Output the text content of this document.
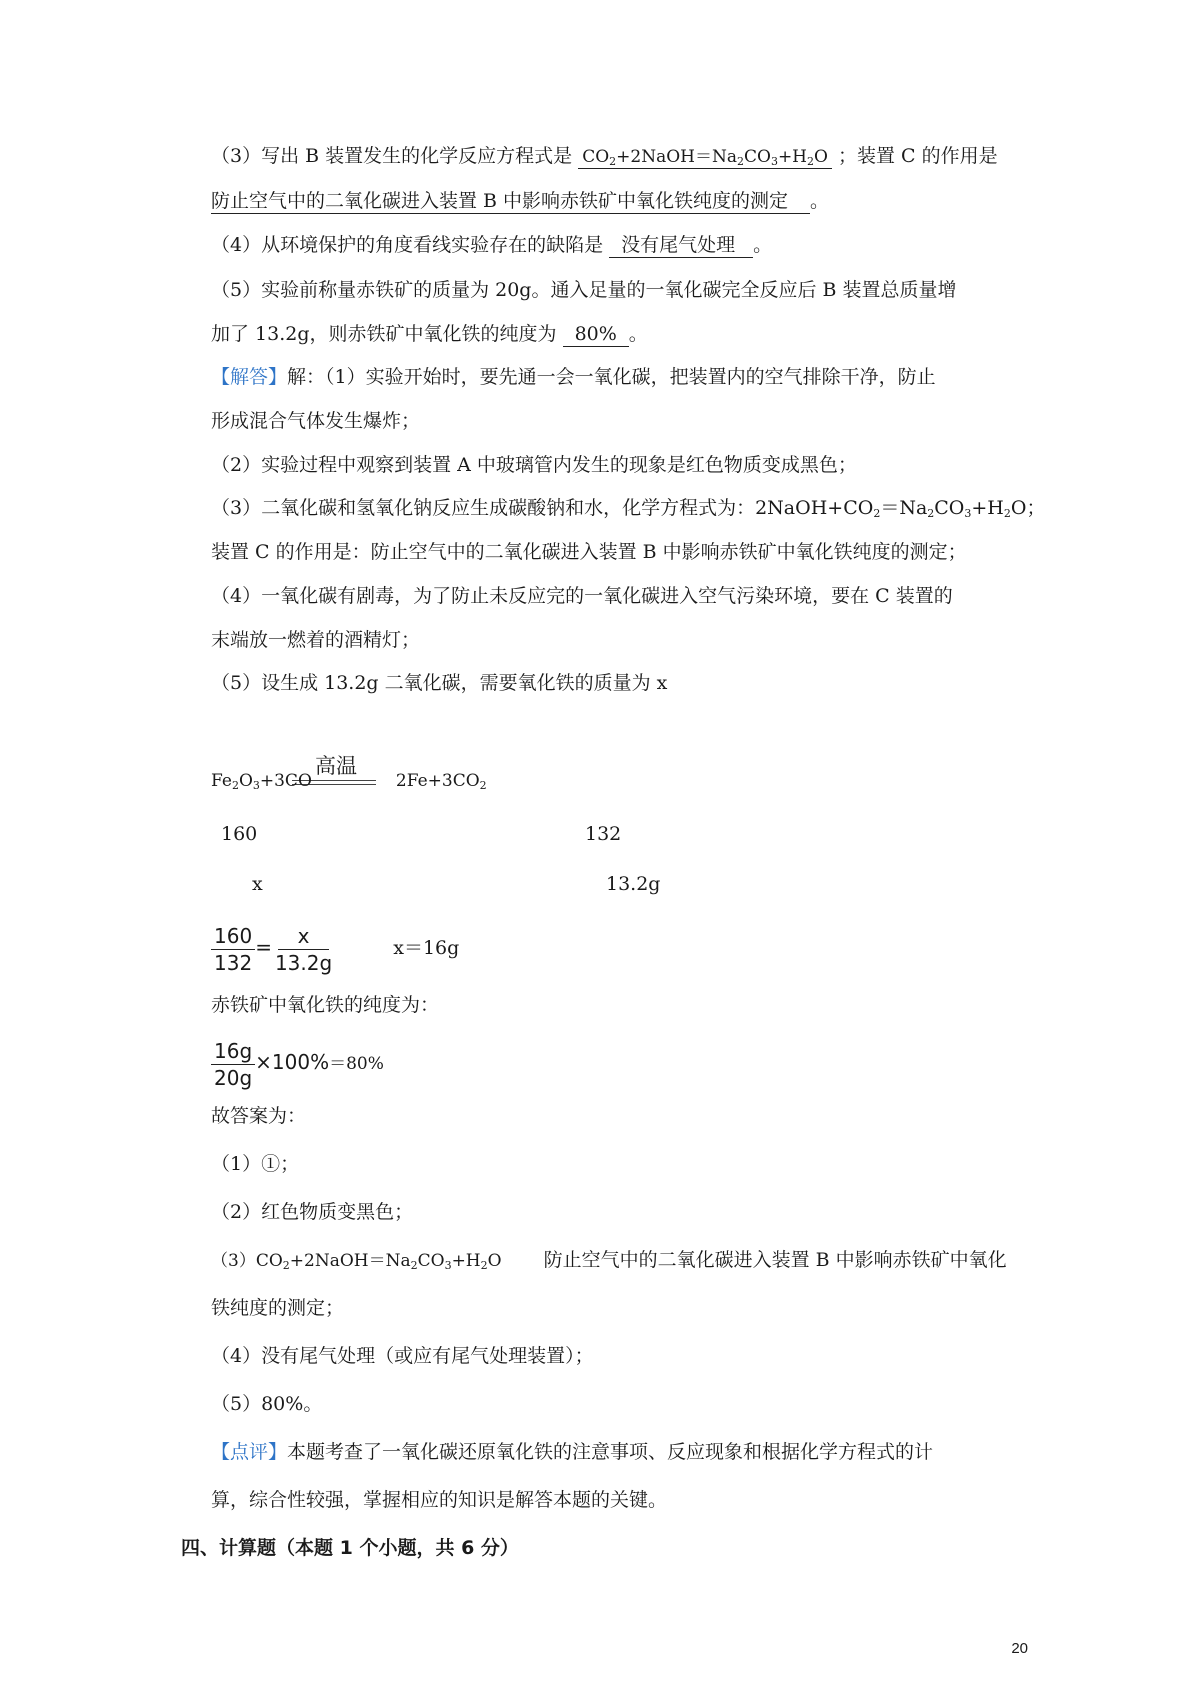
（3）写出 B 装置发生的化学反应方程式是 $CO_2+2NaOH=Na_2CO_3+H_2O$ ；装置 C 的作用是
防止空气中的二氧化碳进入装置 B 中影响赤铁矿中氧化铁纯度的测定 。
（4）从环境保护的角度看线实验存在的缺陷是 没有尾气处理 。
（5）实验前称量赤铁矿的质量为 20g。通入足量的一氧化碳完全反应后 B 装置总质量增
加了 13.2g，则赤铁矿中氧化铁的纯度为 80% 。
【解答】解：（1）实验开始时，要先通一会一氧化碳，把装置内的空气排除干净，防止
形成混合气体发生爆炸；
（2）实验过程中观察到装置 A 中玻璃管内发生的现象是红色物质变成黑色；
（3）二氧化碳和氢氧化钠反应生成碳酸钠和水，化学方程式为：$2NaOH+CO_2=Na_2CO_3+H_2O$；
装置 C 的作用是：防止空气中的二氧化碳进入装置 B 中影响赤铁矿中氧化铁纯度的测定；
（4）一氧化碳有剧毒，为了防止未反应完的一氧化碳进入空气污染环境，要在 C 装置的
末端放一燃着的酒精灯；
（5）设生成 13.2g 二氧化碳，需要氧化铁的质量为 x
高温
$Fe_2O_3+3CO$	$2Fe+3CO_2$
160	132
x	13.2g
$\frac{160}{132} = \frac{x}{13.2g}$	x＝16g
赤铁矿中氧化铁的纯度为：
$\frac{16g}{20g} \times 100\%=80\%$
故答案为：
（1）①；
（2）红色物质变黑色；
$(3)CO_2+2NaOH=Na_2CO_3+H_2O$ 防止空气中的二氧化碳进入装置 B 中影响赤铁矿中氧化
铁纯度的测定；
（4）没有尾气处理（或应有尾气处理装置）；
（5）80%。
【点评】本题考查了一氧化碳还原氧化铁的注意事项、反应现象和根据化学方程式的计
算，综合性较强，掌握相应的知识是解答本题的关键。
四、计算题（本题 1 个小题，共 6 分）
20
